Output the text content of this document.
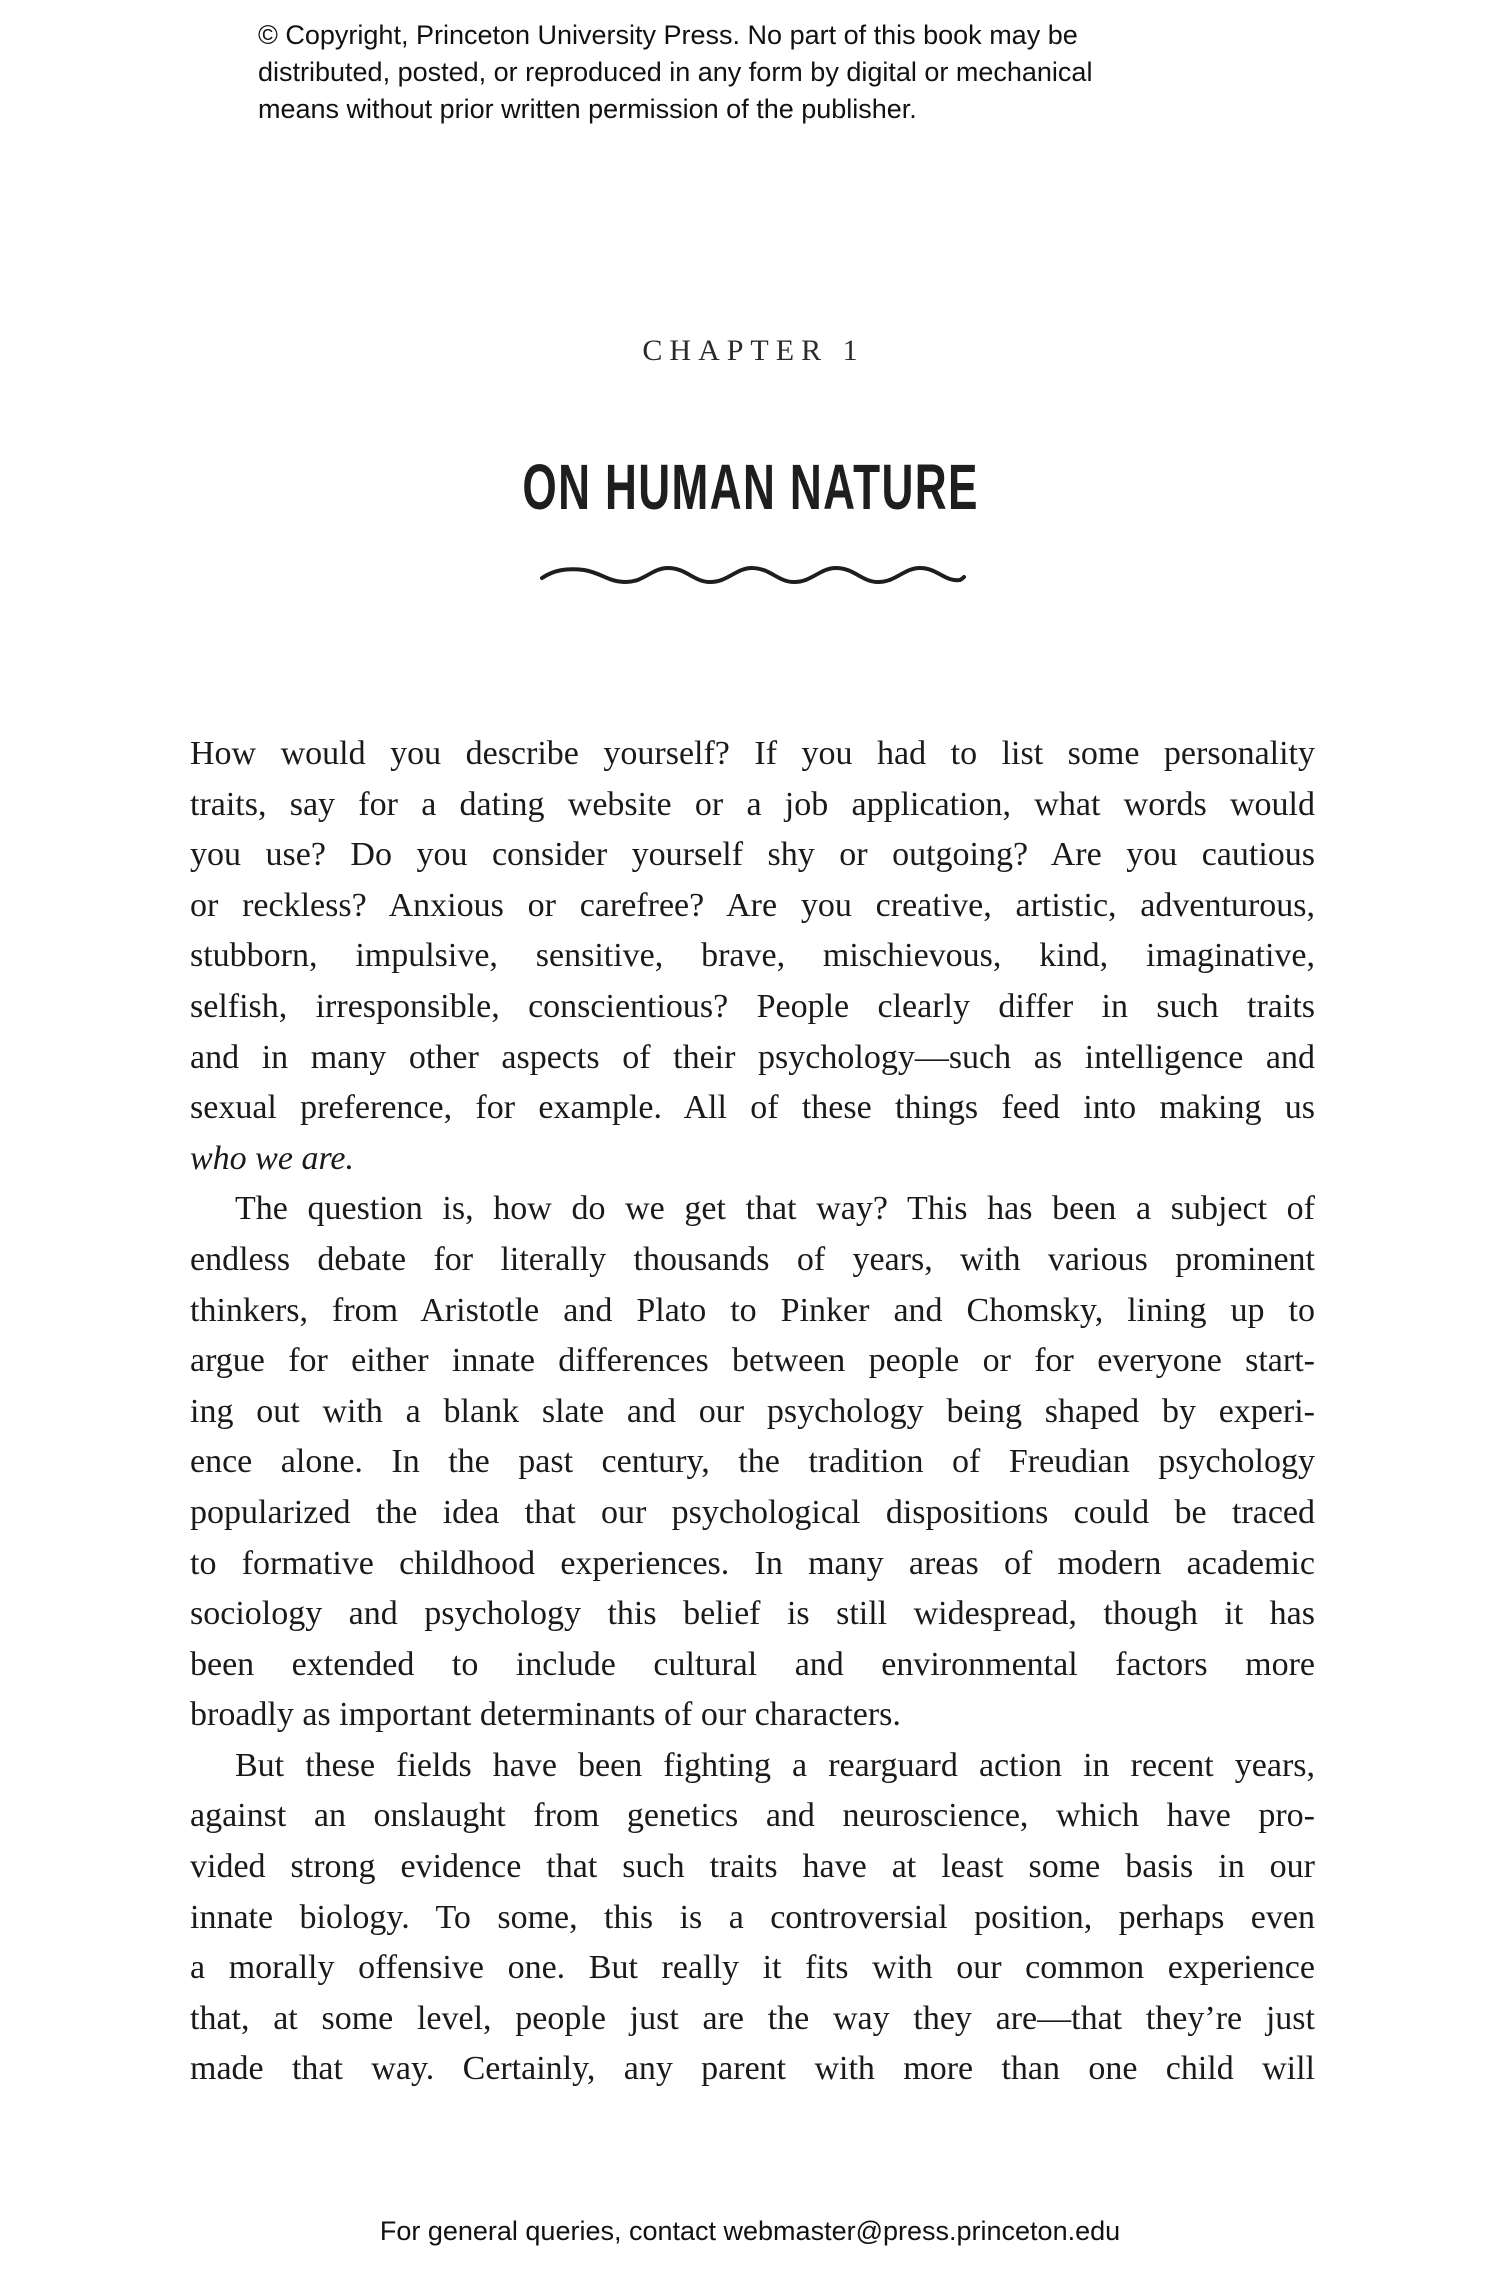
© Copyright, Princeton University Press. No part of this book may be
distributed, posted, or reproduced in any form by digital or mechanical
means without prior written permission of the publisher.
CHAPTER 1
ON HUMAN NATURE
How would you describe yourself? If you had to list some personality
traits, say for a dating website or a job application, what words would
you use? Do you consider yourself shy or outgoing? Are you cautious
or reckless? Anxious or carefree? Are you creative, artistic, adventurous,
stubborn, impulsive, sensitive, brave, mischievous, kind, imaginative,
selfish, irresponsible, conscientious? People clearly differ in such traits
and in many other aspects of their psychology—such as intelligence and
sexual preference, for example. All of these things feed into making us
who we are.
The question is, how do we get that way? This has been a subject of
endless debate for literally thousands of years, with various prominent
thinkers, from Aristotle and Plato to Pinker and Chomsky, lining up to
argue for either innate differences between people or for everyone start-
ing out with a blank slate and our psychology being shaped by experi-
ence alone. In the past century, the tradition of Freudian psychology
popularized the idea that our psychological dispositions could be traced
to formative childhood experiences. In many areas of modern academic
sociology and psychology this belief is still widespread, though it has
been extended to include cultural and environmental factors more
broadly as important determinants of our characters.
But these fields have been fighting a rearguard action in recent years,
against an onslaught from genetics and neuroscience, which have pro-
vided strong evidence that such traits have at least some basis in our
innate biology. To some, this is a controversial position, perhaps even
a morally offensive one. But really it fits with our common experience
that, at some level, people just are the way they are—that they’re just
made that way. Certainly, any parent with more than one child will
For general queries, contact webmaster@press.princeton.edu
